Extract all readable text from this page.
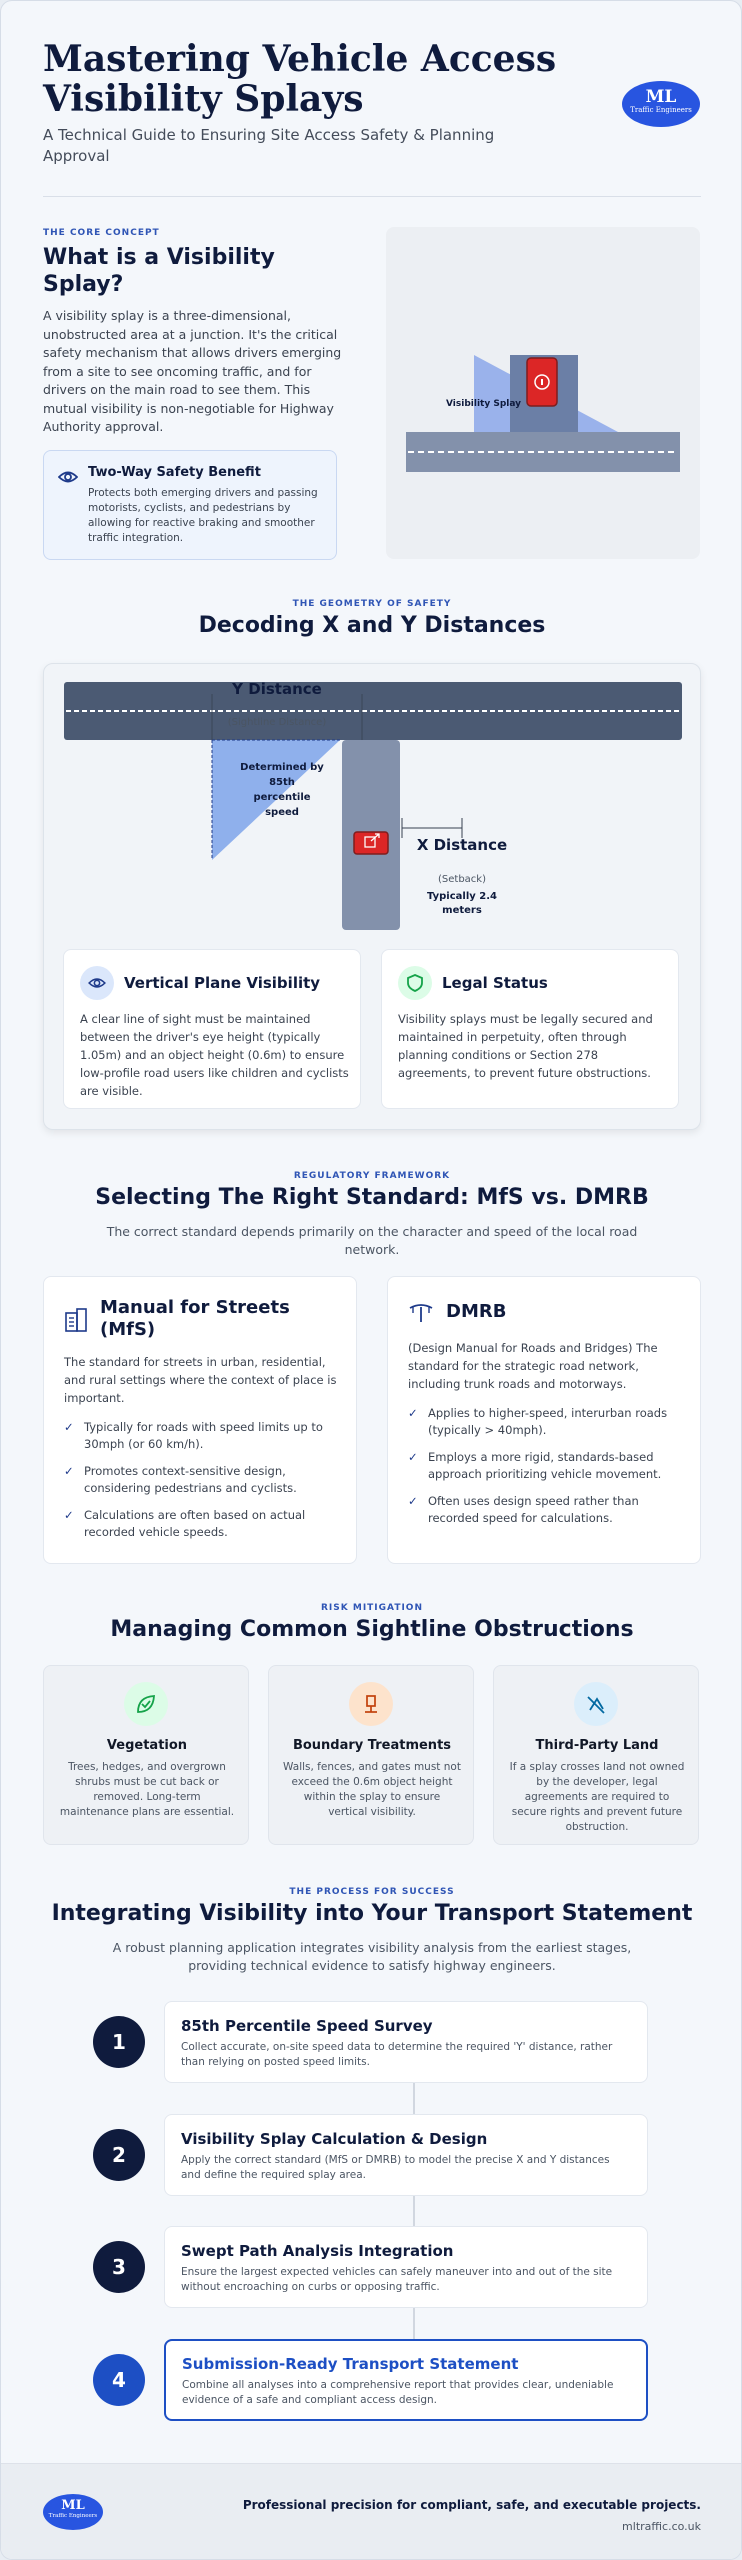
Mastering Vehicle Access Visibility Splays
A Technical Guide to Ensuring Site Access Safety & Planning Approval
ML
Traffic Engineers
THE CORE CONCEPT
What is a Visibility Splay?

A visibility splay is a three-dimensional, unobstructed area at a junction. It's the critical safety mechanism that allows drivers emerging from a site to see oncoming traffic, and for drivers on the main road to see them. This mutual visibility is non-negotiable for Highway Authority approval.

Two-Way Safety Benefit
Protects both emerging drivers and passing motorists, cyclists, and pedestrians by allowing for reactive braking and smoother traffic integration.
Visibility Splay
THE GEOMETRY OF SAFETY
Decoding X and Y Distances
Y Distance
(Sightline Distance)
Determined by 85th percentile speed
X Distance
(Setback)
Typically 2.4 meters
Vertical Plane Visibility
A clear line of sight must be maintained between the driver's eye height (typically 1.05m) and an object height (0.6m) to ensure low-profile road users like children and cyclists are visible.
Legal Status
Visibility splays must be legally secured and maintained in perpetuity, often through planning conditions or Section 278 agreements, to prevent future obstructions.
REGULATORY FRAMEWORK
Selecting The Right Standard: MfS vs. DMRB

The correct standard depends primarily on the character and speed of the local road network.

Manual for Streets (MfS)
The standard for streets in urban, residential, and rural settings where the context of place is important.
✓ Typically for roads with speed limits up to 30mph (or 60 km/h).
✓ Promotes context-sensitive design, considering pedestrians and cyclists.
✓ Calculations are often based on actual recorded vehicle speeds.
DMRB
(Design Manual for Roads and Bridges) The standard for the strategic road network, including trunk roads and motorways.
✓ Applies to higher-speed, interurban roads (typically > 40mph).
✓ Employs a more rigid, standards-based approach prioritizing vehicle movement.
✓ Often uses design speed rather than recorded speed for calculations.
RISK MITIGATION
Managing Common Sightline Obstructions
Vegetation
Trees, hedges, and overgrown shrubs must be cut back or removed. Long-term maintenance plans are essential.
Boundary Treatments
Walls, fences, and gates must not exceed the 0.6m object height within the splay to ensure vertical visibility.
Third-Party Land
If a splay crosses land not owned by the developer, legal agreements are required to secure rights and prevent future obstruction.
THE PROCESS FOR SUCCESS
Integrating Visibility into Your Transport Statement

A robust planning application integrates visibility analysis from the earliest stages, providing technical evidence to satisfy highway engineers.

1
85th Percentile Speed Survey
Collect accurate, on-site speed data to determine the required 'Y' distance, rather than relying on posted speed limits.
2
Visibility Splay Calculation & Design
Apply the correct standard (MfS or DMRB) to model the precise X and Y distances and define the required splay area.
3
Swept Path Analysis Integration
Ensure the largest expected vehicles can safely maneuver into and out of the site without encroaching on curbs or opposing traffic.
4
Submission-Ready Transport Statement
Combine all analyses into a comprehensive report that provides clear, undeniable evidence of a safe and compliant access design.
ML
Traffic Engineers
Professional precision for compliant, safe, and executable projects.
mltraffic.co.uk
